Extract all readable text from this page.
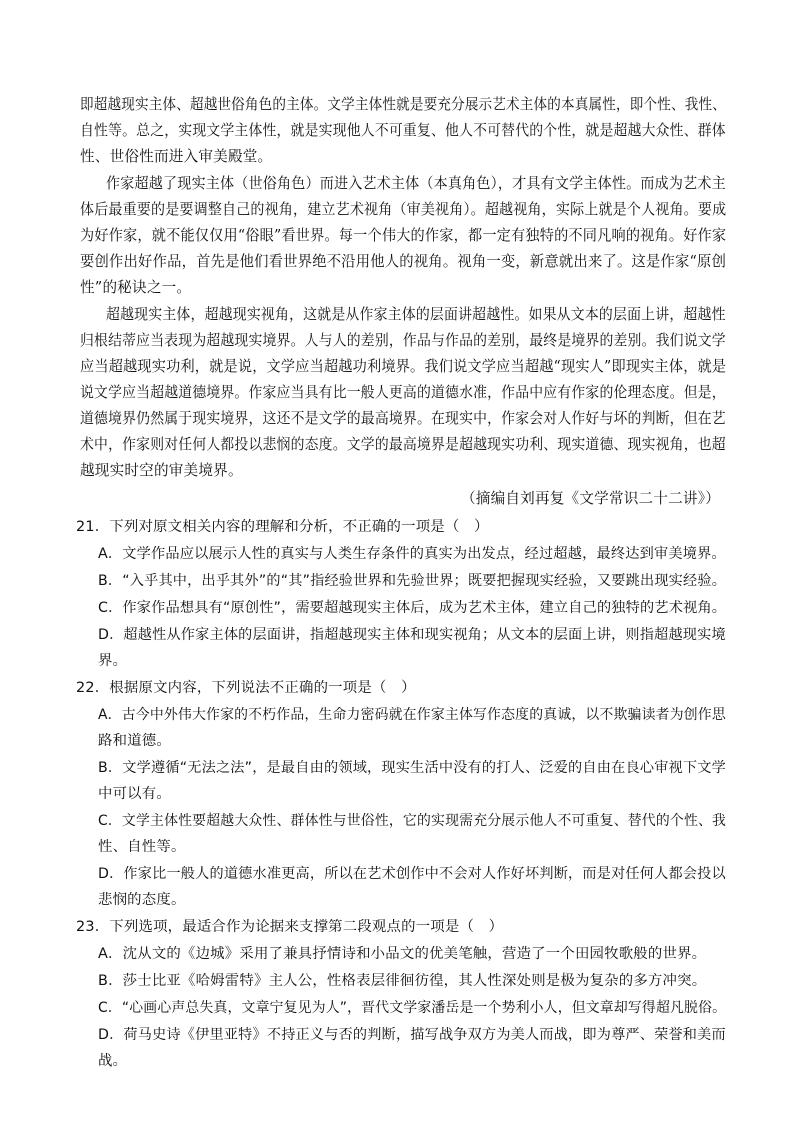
即超越现实主体、超越世俗角色的主体。文学主体性就是要充分展示艺术主体的本真属性，即个性、我性、
自性等。总之，实现文学主体性，就是实现他人不可重复、他人不可替代的个性，就是超越大众性、群体
性、世俗性而进入审美殿堂。
作家超越了现实主体（世俗角色）而进入艺术主体（本真角色），才具有文学主体性。而成为艺术主
体后最重要的是要调整自己的视角，建立艺术视角（审美视角）。超越视角，实际上就是个人视角。要成
为好作家，就不能仅仅用“俗眼”看世界。每一个伟大的作家，都一定有独特的不同凡响的视角。好作家
要创作出好作品，首先是他们看世界绝不沿用他人的视角。视角一变，新意就出来了。这是作家“原创
性”的秘诀之一。
超越现实主体，超越现实视角，这就是从作家主体的层面讲超越性。如果从文本的层面上讲，超越性
归根结蒂应当表现为超越现实境界。人与人的差别，作品与作品的差别，最终是境界的差别。我们说文学
应当超越现实功利，就是说，文学应当超越功利境界。我们说文学应当超越“现实人”即现实主体，就是
说文学应当超越道德境界。作家应当具有比一般人更高的道德水准，作品中应有作家的伦理态度。但是，
道德境界仍然属于现实境界，这还不是文学的最高境界。在现实中，作家会对人作好与坏的判断，但在艺
术中，作家则对任何人都投以悲悯的态度。文学的最高境界是超越现实功利、现实道德、现实视角，也超
越现实时空的审美境界。
（摘编自刘再复《文学常识二十二讲》）
21．下列对原文相关内容的理解和分析，不正确的一项是（　）
A．文学作品应以展示人性的真实与人类生存条件的真实为出发点，经过超越，最终达到审美境界。
B．“入乎其中，出乎其外”的“其”指经验世界和先验世界；既要把握现实经验，又要跳出现实经验。
C．作家作品想具有“原创性”，需要超越现实主体后，成为艺术主体，建立自己的独特的艺术视角。
D．超越性从作家主体的层面讲，指超越现实主体和现实视角；从文本的层面上讲，则指超越现实境
界。
22．根据原文内容，下列说法不正确的一项是（　）
A．古今中外伟大作家的不朽作品，生命力密码就在作家主体写作态度的真诚，以不欺骗读者为创作思
路和道德。
B．文学遵循“无法之法”，是最自由的领域，现实生活中没有的打人、泛爱的自由在良心审视下文学
中可以有。
C．文学主体性要超越大众性、群体性与世俗性，它的实现需充分展示他人不可重复、替代的个性、我
性、自性等。
D．作家比一般人的道德水准更高，所以在艺术创作中不会对人作好坏判断，而是对任何人都会投以
悲悯的态度。
23．下列选项，最适合作为论据来支撑第二段观点的一项是（　）
A．沈从文的《边城》采用了兼具抒情诗和小品文的优美笔触，营造了一个田园牧歌般的世界。
B．莎士比亚《哈姆雷特》主人公，性格表层徘徊彷徨，其人性深处则是极为复杂的多方冲突。
C．“心画心声总失真，文章宁复见为人”，晋代文学家潘岳是一个势利小人，但文章却写得超凡脱俗。
D．荷马史诗《伊里亚特》不持正义与否的判断，描写战争双方为美人而战，即为尊严、荣誉和美而
战。
